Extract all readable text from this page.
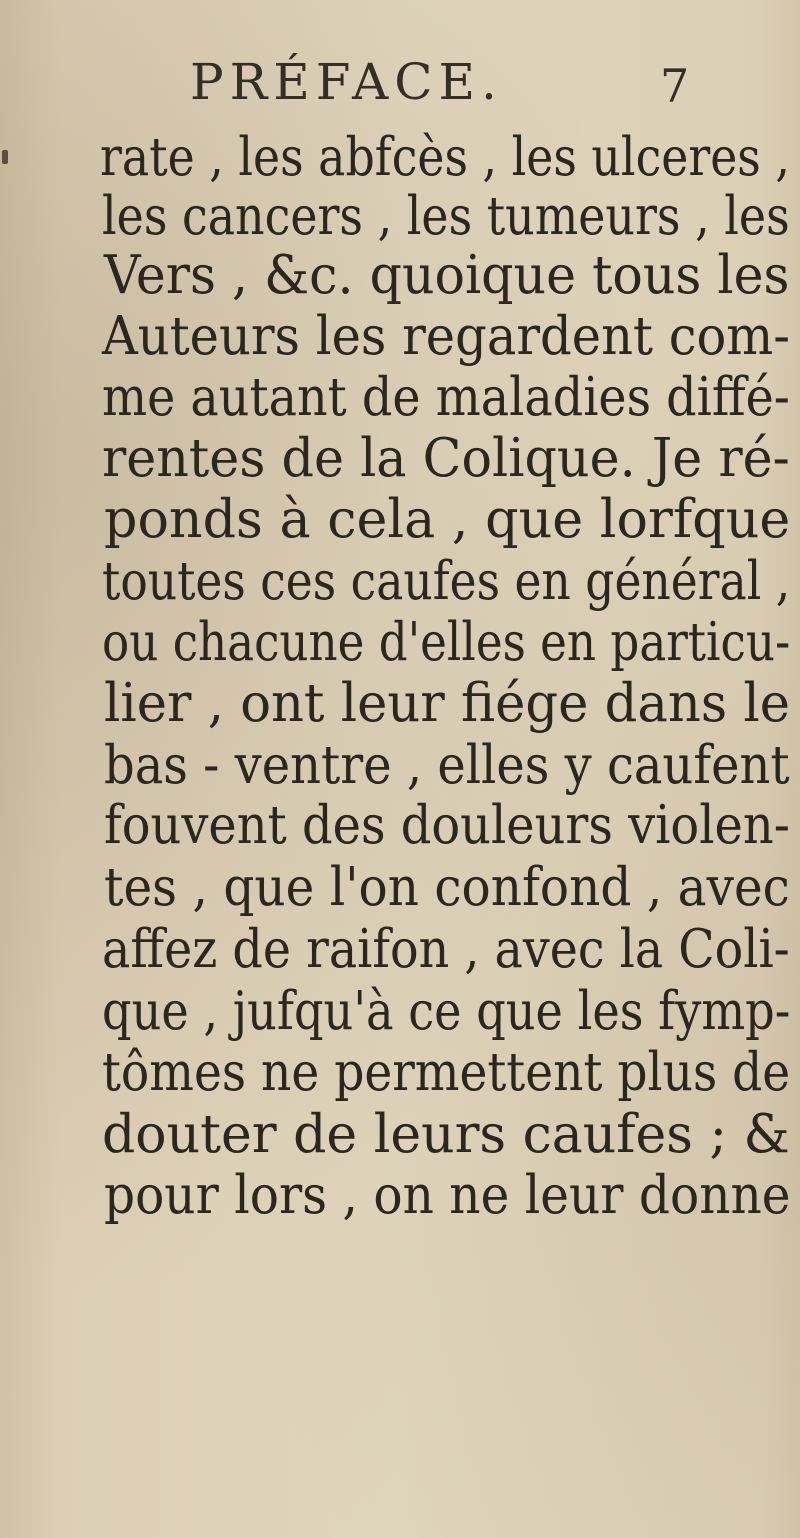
PRÉFACE.	7
rate , les abfcès , les ulceres ,
les cancers , les tumeurs , les
Vers , &c. quoique tous les
Auteurs les regardent com-
me autant de maladies diffé-
rentes de la Colique. Je ré-
ponds à cela , que lorfque
toutes ces caufes en général ,
ou chacune d'elles en particu-
lier , ont leur fiége dans le
bas - ventre , elles y caufent
fouvent des douleurs violen-
tes , que l'on confond , avec
affez de raifon , avec la Coli-
que , jufqu'à ce que les fymp-
tômes ne permettent plus de
douter de leurs caufes ; &
pour lors , on ne leur donne
